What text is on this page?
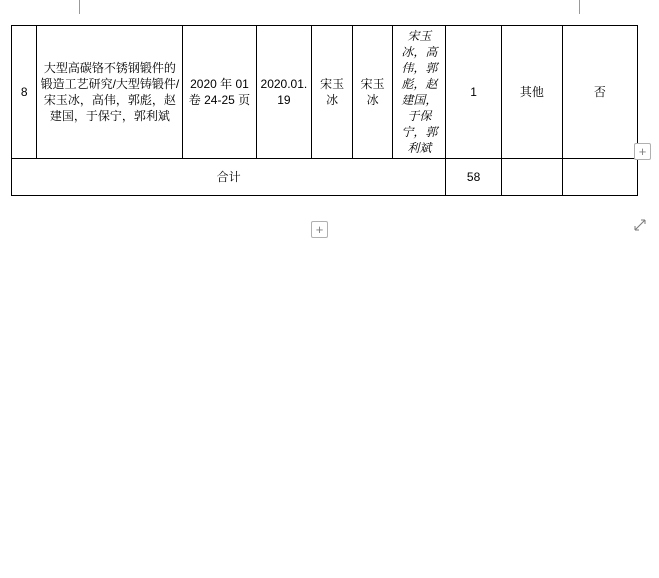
8	大型高碳铬不锈钢锻件的锻造工艺研究/大型铸锻件/宋玉冰，高伟，郭彪，赵建国，于保宁，郭利斌	2020 年 01 卷 24-25 页	2020.01.19	宋玉冰	宋玉冰	宋玉冰，高伟，郭彪，赵建国，于保宁，郭利斌	1	其他	否
合计							58		
+
+
